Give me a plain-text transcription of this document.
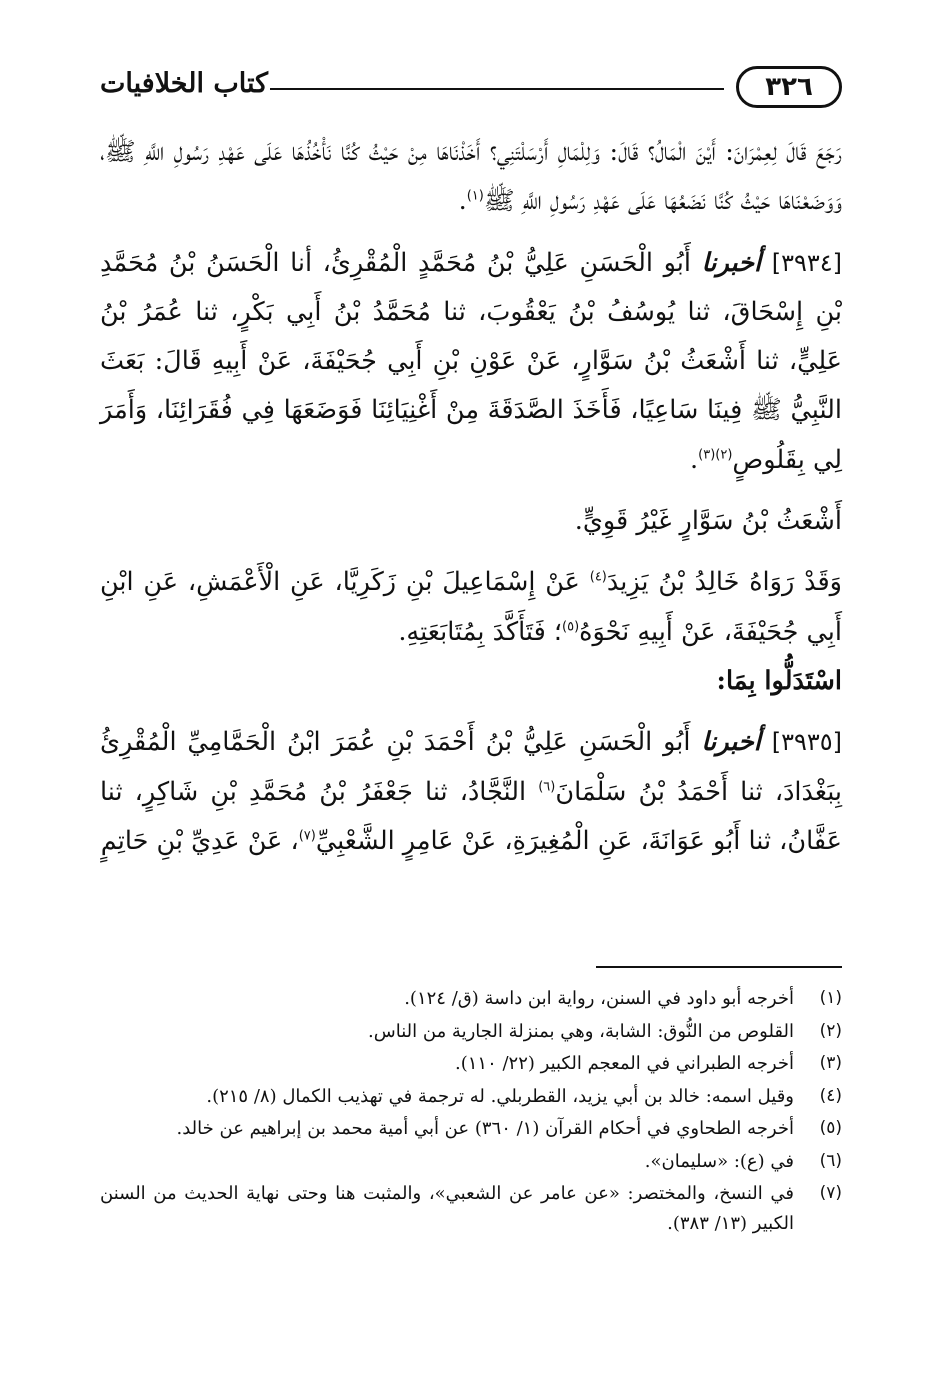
٣٢٦
كتاب الخلافيات

رَجَعَ قَالَ لِعِمْرَانَ: أَيْنَ الْمَالُ؟ قَالَ: وَلِلْمَالِ أَرْسَلْتَنِي؟ أَخَذْنَاهَا مِنْ حَيْثُ كُنَّا نَأْخُذُهَا عَلَى عَهْدِ رَسُولِ اللَّهِ ﷺ، وَوَضَعْنَاهَا حَيْثُ كُنَّا نَضَعُهَا عَلَى عَهْدِ رَسُولِ اللَّهِ ﷺ$^{(١)}$.

[٣٩٣٤] أخبرنا أَبُو الْحَسَنِ عَلِيُّ بْنُ مُحَمَّدٍ الْمُقْرِئُ، أنا الْحَسَنُ بْنُ مُحَمَّدِ بْنِ إِسْحَاقَ، ثنا يُوسُفُ بْنُ يَعْقُوبَ، ثنا مُحَمَّدُ بْنُ أَبِي بَكْرٍ، ثنا عُمَرُ بْنُ عَلِيٍّ، ثنا أَشْعَثُ بْنُ سَوَّارٍ، عَنْ عَوْنِ بْنِ أَبِي جُحَيْفَةَ، عَنْ أَبِيهِ قَالَ: بَعَثَ النَّبِيُّ ﷺ فِينَا سَاعِيًا، فَأَخَذَ الصَّدَقَةَ مِنْ أَغْنِيَائِنَا فَوَضَعَهَا فِي فُقَرَائِنَا، وَأَمَرَ لِي بِقَلُوصٍ$^{(٢)(٣)}$.

أَشْعَثُ بْنُ سَوَّارٍ غَيْرُ قَوِيٍّ.

وَقَدْ رَوَاهُ خَالِدُ بْنُ يَزِيدَ$^{(٤)}$ عَنْ إِسْمَاعِيلَ بْنِ زَكَرِيَّا، عَنِ الْأَعْمَشِ، عَنِ ابْنِ أَبِي جُحَيْفَةَ، عَنْ أَبِيهِ نَحْوَهُ$^{(٥)}$؛ فَتَأَكَّدَ بِمُتَابَعَتِهِ.

اسْتَدَلُّوا بِمَا:

[٣٩٣٥] أخبرنا أَبُو الْحَسَنِ عَلِيُّ بْنُ أَحْمَدَ بْنِ عُمَرَ ابْنُ الْحَمَّامِيِّ الْمُقْرِئُ بِبَغْدَادَ، ثنا أَحْمَدُ بْنُ سَلْمَانَ$^{(٦)}$ النَّجَّادُ، ثنا جَعْفَرُ بْنُ مُحَمَّدِ بْنِ شَاكِرٍ، ثنا عَفَّانُ، ثنا أَبُو عَوَانَةَ، عَنِ الْمُغِيرَةِ، عَنْ عَامِرٍ الشَّعْبِيِّ$^{(٧)}$، عَنْ عَدِيِّ بْنِ حَاتِمٍ

(١)
أخرجه أبو داود في السنن، رواية ابن داسة (ق/ ١٢٤).
(٢)
القلوص من النُّوق: الشابة، وهي بمنزلة الجارية من الناس.
(٣)
أخرجه الطبراني في المعجم الكبير (٢٢/ ١١٠).
(٤)
وقيل اسمه: خالد بن أبي يزيد، القطربلي. له ترجمة في تهذيب الكمال (٨/ ٢١٥).
(٥)
أخرجه الطحاوي في أحكام القرآن (١/ ٣٦٠) عن أبي أمية محمد بن إبراهيم عن خالد.
(٦)
في (ع): «سليمان».
(٧)
في النسخ، والمختصر: «عن عامر عن الشعبي»، والمثبت هنا وحتى نهاية الحديث من السنن الكبير (١٣/ ٣٨٣).
